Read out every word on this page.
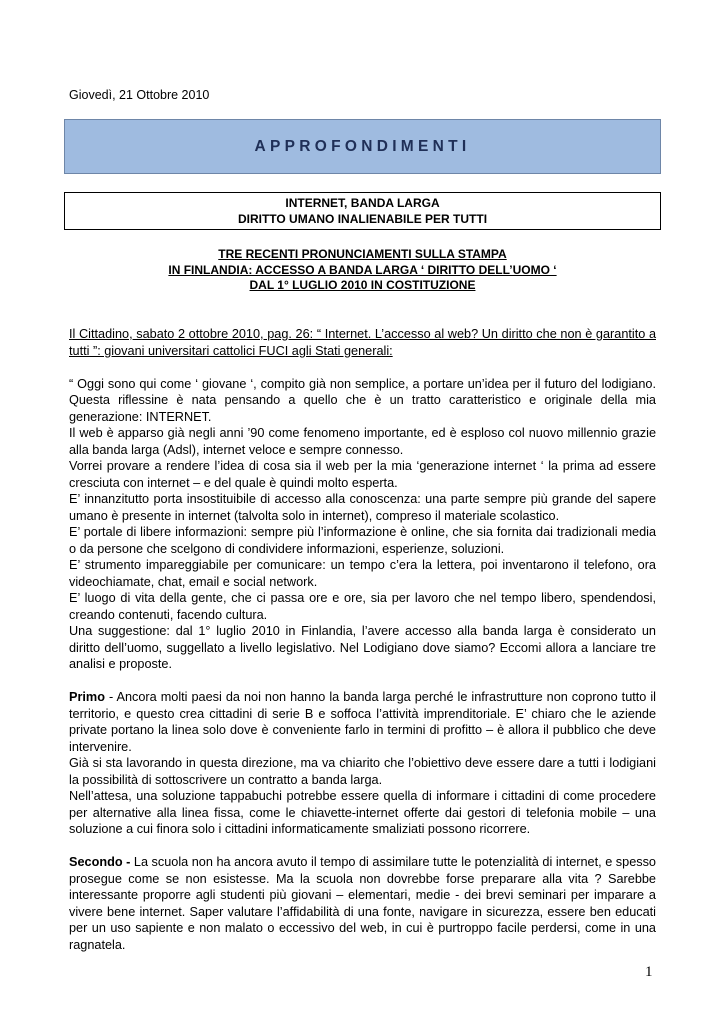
Giovedì, 21 Ottobre 2010
APPROFONDIMENTI
INTERNET, BANDA LARGA
DIRITTO UMANO INALIENABILE PER TUTTI
TRE RECENTI PRONUNCIAMENTI SULLA STAMPA
IN FINLANDIA: ACCESSO A BANDA LARGA ‘ DIRITTO DELL’UOMO ‘
DAL 1° LUGLIO 2010 IN COSTITUZIONE

Il Cittadino, sabato 2 ottobre 2010, pag. 26: “ Internet. L’accesso al web? Un diritto che non è garantito a tutti ”: giovani universitari cattolici FUCI agli Stati generali:

“ Oggi sono qui come ‘ giovane ‘, compito già non semplice, a portare un’idea per il futuro del lodigiano. Questa riflessine è nata pensando a quello che è un tratto caratteristico e originale della mia generazione: INTERNET.

Il web è apparso già negli anni ’90 come fenomeno importante, ed è esploso col nuovo millennio grazie alla banda larga (Adsl), internet veloce e sempre connesso.

Vorrei provare a rendere l’idea di cosa sia il web per la mia ‘generazione internet ‘ la prima ad essere cresciuta con internet – e del quale è quindi molto esperta.

E’ innanzitutto porta insostituibile di accesso alla conoscenza: una parte sempre più grande del sapere umano è presente in internet (talvolta solo in internet), compreso il materiale scolastico.

E’ portale di libere informazioni: sempre più l’informazione è online, che sia fornita dai tradizionali media o da persone che scelgono di condividere informazioni, esperienze, soluzioni.

E’ strumento impareggiabile per comunicare: un tempo c’era la lettera, poi inventarono il telefono, ora videochiamate, chat, email e social network.

E’ luogo di vita della gente, che ci passa ore e ore, sia per lavoro che nel tempo libero, spendendosi, creando contenuti, facendo cultura.

Una suggestione: dal 1° luglio 2010 in Finlandia, l’avere accesso alla banda larga è considerato un diritto dell’uomo, suggellato a livello legislativo. Nel Lodigiano dove siamo? Eccomi allora a lanciare tre analisi e proposte.

Primo - Ancora molti paesi da noi non hanno la banda larga perché le infrastrutture non coprono tutto il territorio, e questo crea cittadini di serie B e soffoca l’attività imprenditoriale. E’ chiaro che le aziende private portano la linea solo dove è conveniente farlo in termini di profitto – è allora il pubblico che deve intervenire.

Già si sta lavorando in questa direzione, ma va chiarito che l’obiettivo deve essere dare a tutti i lodigiani la possibilità di sottoscrivere un contratto a banda larga.

Nell’attesa, una soluzione tappabuchi potrebbe essere quella di informare i cittadini di come procedere per alternative alla linea fissa, come le chiavette-internet offerte dai gestori di telefonia mobile – una soluzione a cui finora solo i cittadini informaticamente smaliziati possono ricorrere.

Secondo - La scuola non ha ancora avuto il tempo di assimilare tutte le potenzialità di internet, e spesso prosegue come se non esistesse. Ma la scuola non dovrebbe forse preparare alla vita ? Sarebbe interessante proporre agli studenti più giovani – elementari, medie - dei brevi seminari per imparare a vivere bene internet. Saper valutare l’affidabilità di una fonte, navigare in sicurezza, essere ben educati per un uso sapiente e non malato o eccessivo del web, in cui è purtroppo facile perdersi, come in una ragnatela.

1
